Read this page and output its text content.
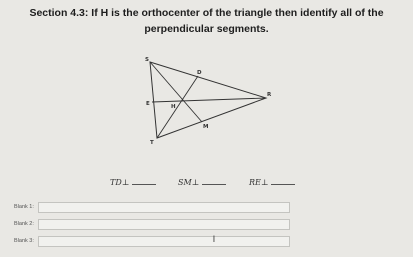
Section 4.3: If H is the orthocenter of the triangle then identify all of the
perpendicular segments.
S
D
E	H
R
M
T
TD⊥	SM⊥	RE⊥
Blank 1:
Blank 2:
Blank 3:	I
